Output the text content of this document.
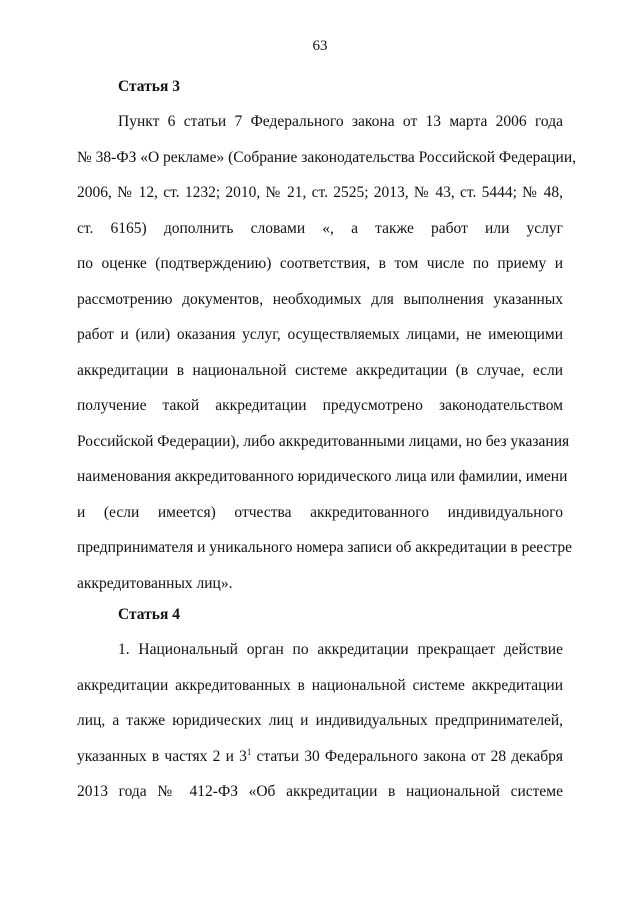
63
Статья 3
Пункт 6 статьи 7 Федерального закона от 13 марта 2006 года
№ 38-ФЗ «О рекламе» (Собрание законодательства Российской Федерации,
2006, № 12, ст. 1232; 2010, № 21, ст. 2525; 2013, № 43, ст. 5444; № 48,
ст. 6165) дополнить словами «, а также работ или услуг
по оценке (подтверждению) соответствия, в том числе по приему и
рассмотрению документов, необходимых для выполнения указанных
работ и (или) оказания услуг, осуществляемых лицами, не имеющими
аккредитации в национальной системе аккредитации (в случае, если
получение такой аккредитации предусмотрено законодательством
Российской Федерации), либо аккредитованными лицами, но без указания
наименования аккредитованного юридического лица или фамилии, имени
и (если имеется) отчества аккредитованного индивидуального
предпринимателя и уникального номера записи об аккредитации в реестре
аккредитованных лиц».
Статья 4
1. Национальный орган по аккредитации прекращает действие
аккредитации аккредитованных в национальной системе аккредитации
лиц, а также юридических лиц и индивидуальных предпринимателей,
указанных в частях 2 и $3^1$ статьи 30 Федерального закона от 28 декабря
2013 года № 412-ФЗ «Об аккредитации в национальной системе
